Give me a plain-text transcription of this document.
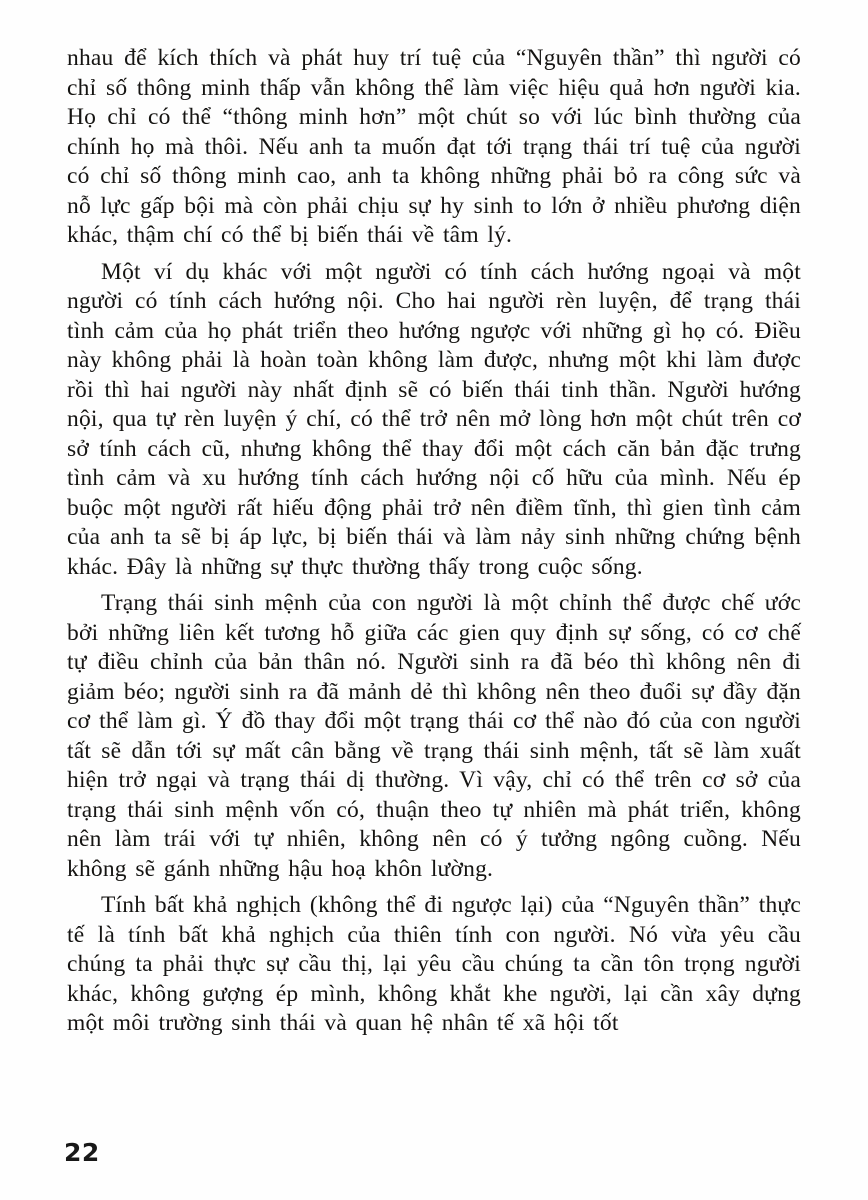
nhau để kích thích và phát huy trí tuệ của “Nguyên thần” thì người có chỉ số thông minh thấp vẫn không thể làm việc hiệu quả hơn người kia. Họ chỉ có thể “thông minh hơn” một chút so với lúc bình thường của chính họ mà thôi. Nếu anh ta muốn đạt tới trạng thái trí tuệ của người có chỉ số thông minh cao, anh ta không những phải bỏ ra công sức và nỗ lực gấp bội mà còn phải chịu sự hy sinh to lớn ở nhiều phương diện khác, thậm chí có thể bị biến thái về tâm lý.

Một ví dụ khác với một người có tính cách hướng ngoại và một người có tính cách hướng nội. Cho hai người rèn luyện, để trạng thái tình cảm của họ phát triển theo hướng ngược với những gì họ có. Điều này không phải là hoàn toàn không làm được, nhưng một khi làm được rồi thì hai người này nhất định sẽ có biến thái tinh thần. Người hướng nội, qua tự rèn luyện ý chí, có thể trở nên mở lòng hơn một chút trên cơ sở tính cách cũ, nhưng không thể thay đổi một cách căn bản đặc trưng tình cảm và xu hướng tính cách hướng nội cố hữu của mình. Nếu ép buộc một người rất hiếu động phải trở nên điềm tĩnh, thì gien tình cảm của anh ta sẽ bị áp lực, bị biến thái và làm nảy sinh những chứng bệnh khác. Đây là những sự thực thường thấy trong cuộc sống.

Trạng thái sinh mệnh của con người là một chỉnh thể được chế ước bởi những liên kết tương hỗ giữa các gien quy định sự sống, có cơ chế tự điều chỉnh của bản thân nó. Người sinh ra đã béo thì không nên đi giảm béo; người sinh ra đã mảnh dẻ thì không nên theo đuổi sự đầy đặn cơ thể làm gì. Ý đồ thay đổi một trạng thái cơ thể nào đó của con người tất sẽ dẫn tới sự mất cân bằng về trạng thái sinh mệnh, tất sẽ làm xuất hiện trở ngại và trạng thái dị thường. Vì vậy, chỉ có thể trên cơ sở của trạng thái sinh mệnh vốn có, thuận theo tự nhiên mà phát triển, không nên làm trái với tự nhiên, không nên có ý tưởng ngông cuồng. Nếu không sẽ gánh những hậu hoạ khôn lường.

Tính bất khả nghịch (không thể đi ngược lại) của “Nguyên thần” thực tế là tính bất khả nghịch của thiên tính con người. Nó vừa yêu cầu chúng ta phải thực sự cầu thị, lại yêu cầu chúng ta cần tôn trọng người khác, không gượng ép mình, không khắt khe người, lại cần xây dựng một môi trường sinh thái và quan hệ nhân tế xã hội tốt

22
